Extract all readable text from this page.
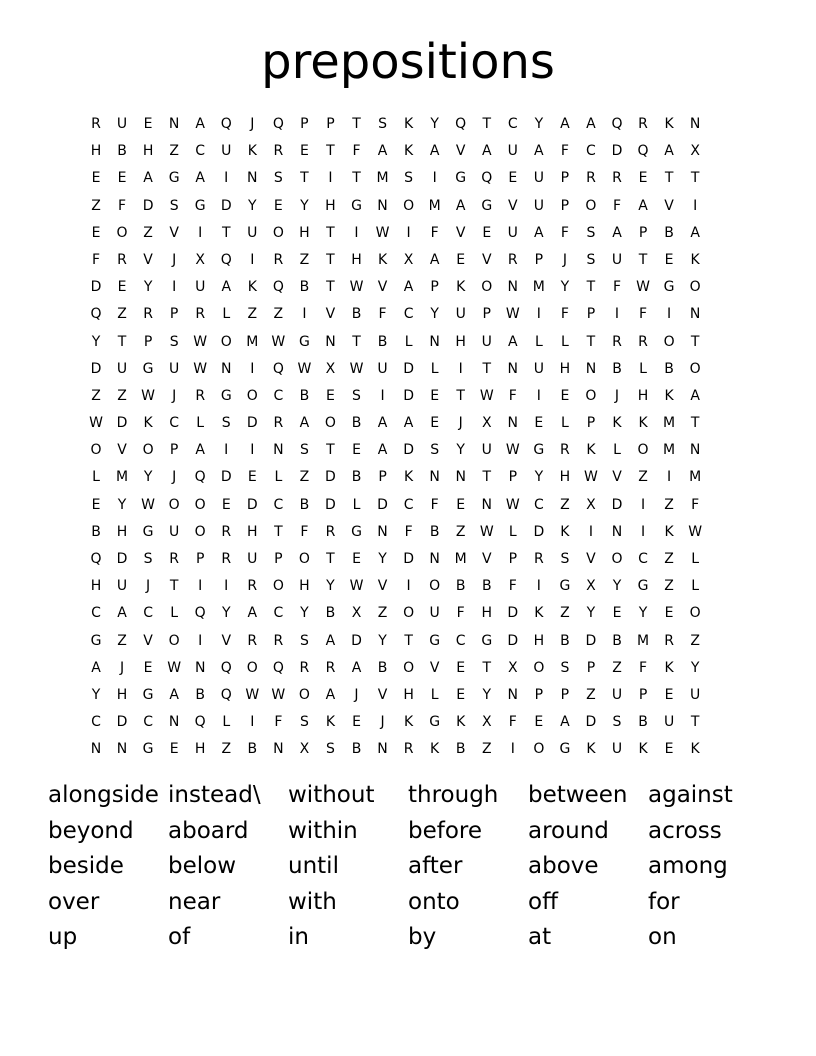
prepositions
R	U	E	N	A	Q	J	Q	P	P	T	S	K	Y	Q	T	C	Y	A	A	Q	R	K	N
H	B	H	Z	C	U	K	R	E	T	F	A	K	A	V	A	U	A	F	C	D	Q	A	X
E	E	A	G	A	I	N	S	T	I	T	M	S	I	G	Q	E	U	P	R	R	E	T	T
Z	F	D	S	G	D	Y	E	Y	H	G	N	O	M	A	G	V	U	P	O	F	A	V	I
E	O	Z	V	I	T	U	O	H	T	I	W	I	F	V	E	U	A	F	S	A	P	B	A
F	R	V	J	X	Q	I	R	Z	T	H	K	X	A	E	V	R	P	J	S	U	T	E	K
D	E	Y	I	U	A	K	Q	B	T	W	V	A	P	K	O	N	M	Y	T	F	W G	O
Q	Z	R	P	R	L	Z	Z	I	V	B	F	C	Y	U	P	W	I	F	P	I	F	I	N
Y	T	P	S	W O	M W G	N	T	B	L	N	H	U	A	L	L	T	R	R	O	T
D	U	G	U	W N	I	Q W	X	W	U	D	L	I	T	N	U	H	N	B	L	B	O
Z	Z	W	J	R	G	O	C	B	E	S	I	D	E	T	W	F	I	E	O	J	H	K	A
W D	K	C	L	S	D	R	A	O	B	A	A	E	J	X	N	E	L	P	K	K	M	T
O	V	O	P	A	I	I	N	S	T	E	A	D	S	Y	U	W G	R	K	L	O	M	N
L	M	Y	J	Q	D	E	L	Z	D	B	P	K	N	N	T	P	Y	H W	V	Z	I	M
E	Y	W O	O	E	D	C	B	D	L	D	C	F	E	N W	C	Z	X	D	I	Z	F
B	H	G	U	O	R	H	T	F	R	G	N	F	B	Z	W	L	D	K	I	N	I	K	W
Q	D	S	R	P	R	U	P	O	T	E	Y	D	N	M	V	P	R	S	V	O	C	Z	L
H	U	J	T	I	I	R	O	H	Y	W	V	I	O	B	B	F	I	G	X	Y	G	Z	L
C	A	C	L	Q	Y	A	C	Y	B	X	Z	O	U	F	H	D	K	Z	Y	E	Y	E	O
G	Z	V	O	I	V	R	R	S	A	D	Y	T	G	C	G	D	H	B	D	B	M	R	Z
A	J	E	W N	Q	O	Q	R	R	A	B	O	V	E	T	X	O	S	P	Z	F	K	Y
Y	H	G	A	B	Q W W O	A	J	V	H	L	E	Y	N	P	P	Z	U	P	E	U
C	D	C	N	Q	L	I	F	S	K	E	J	K	G	K	X	F	E	A	D	S	B	U	T
N	N	G	E	H	Z	B	N	X	S	B	N	R	K	B	Z	I	O	G	K	U	K	E	K
alongside instead\ without through between against
beyond aboard within before around across
beside below until	after	above among
over	near	with	onto	off	for
up	of	in	by	at	on
